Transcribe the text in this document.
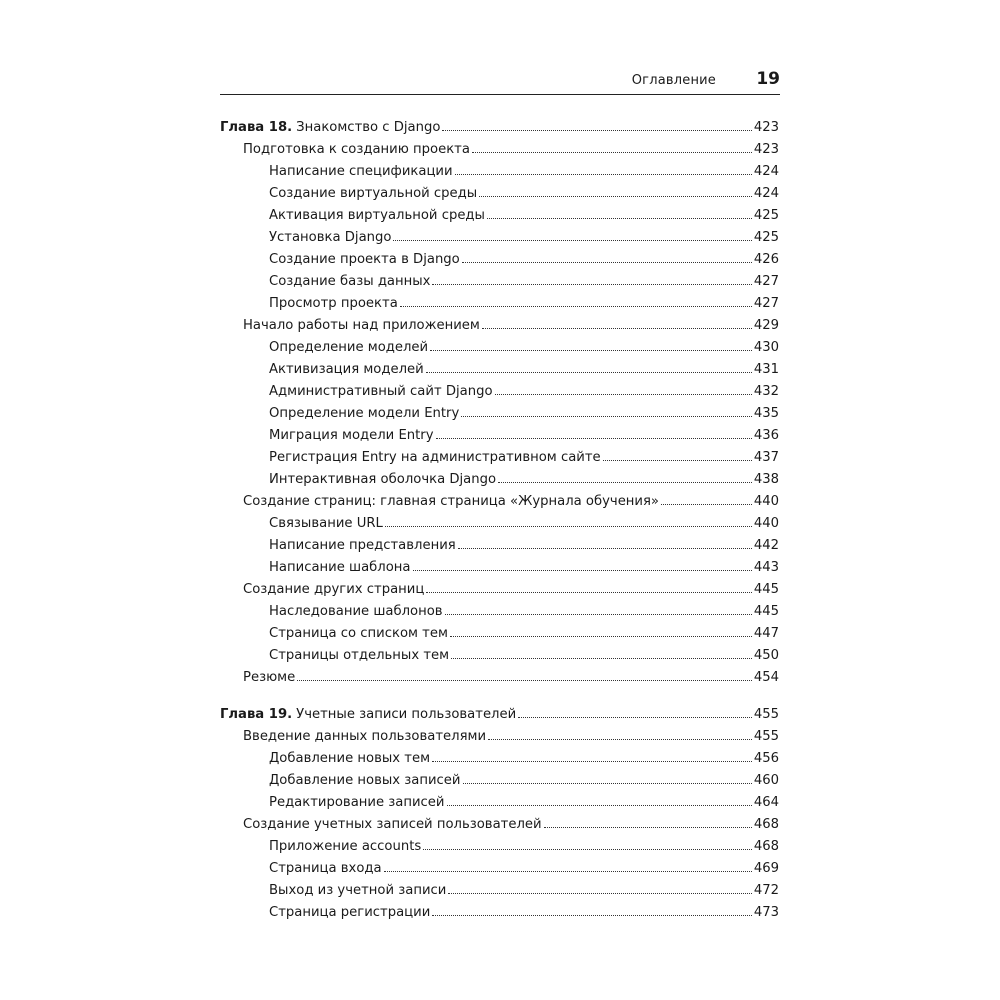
Оглавление 19
Глава 18. Знакомство с Django	423
Подготовка к созданию проекта	423
Написание спецификации	424
Создание виртуальной среды	424
Активация виртуальной среды	425
Установка Django	425
Создание проекта в Django	426
Создание базы данных	427
Просмотр проекта	427
Начало работы над приложением	429
Определение моделей	430
Активизация моделей	431
Административный сайт Django	432
Определение модели Entry	435
Миграция модели Entry	436
Регистрация Entry на административном сайте	437
Интерактивная оболочка Django	438
Создание страниц: главная страница «Журнала обучения»	440
Связывание URL	440
Написание представления	442
Написание шаблона	443
Создание других страниц	445
Наследование шаблонов	445
Страница со списком тем	447
Страницы отдельных тем	450
Резюме	454
Глава 19. Учетные записи пользователей	455
Введение данных пользователями	455
Добавление новых тем	456
Добавление новых записей	460
Редактирование записей	464
Создание учетных записей пользователей	468
Приложение accounts	468
Страница входа	469
Выход из учетной записи	472
Страница регистрации	473
